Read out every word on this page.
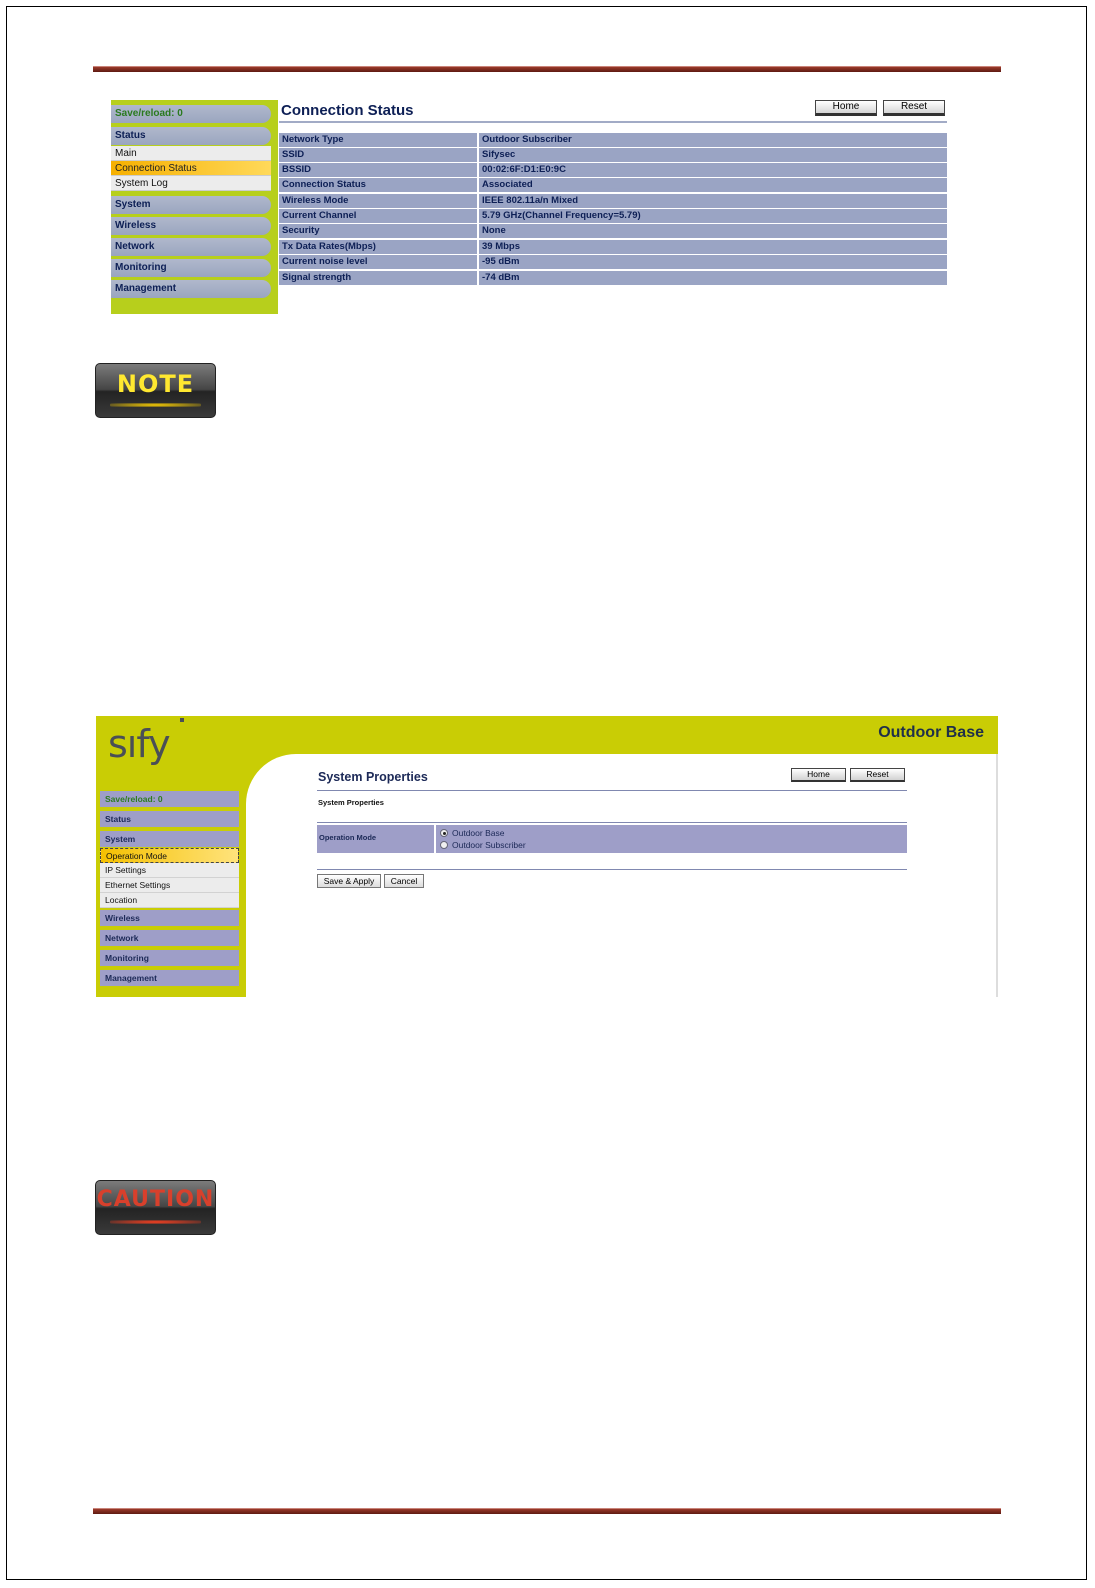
Save/reload: 0
Status
Main
Connection Status
System Log
System
Wireless
Network
Monitoring
Management
Connection Status	Home	Reset
Network Type	Outdoor Subscriber
SSID	Sifysec
BSSID	00:02:6F:D1:E0:9C
Connection Status	Associated
Wireless Mode	IEEE 802.11a/n Mixed
Current Channel	5.79 GHz(Channel Frequency=5.79)
Security	None
Tx Data Rates(Mbps)	39 Mbps
Current noise level	-95 dBm
Signal strength	-74 dBm
NOTE
sıfy	Outdoor Base
Save/reload: 0
Status
System
Operation Mode
IP Settings
Ethernet Settings
Location
Wireless
Network
Monitoring
Management
System Properties	Home	Reset
System Properties
Operation Mode	Outdoor Base
Outdoor Subscriber
Save & Apply	Cancel
CAUTION
